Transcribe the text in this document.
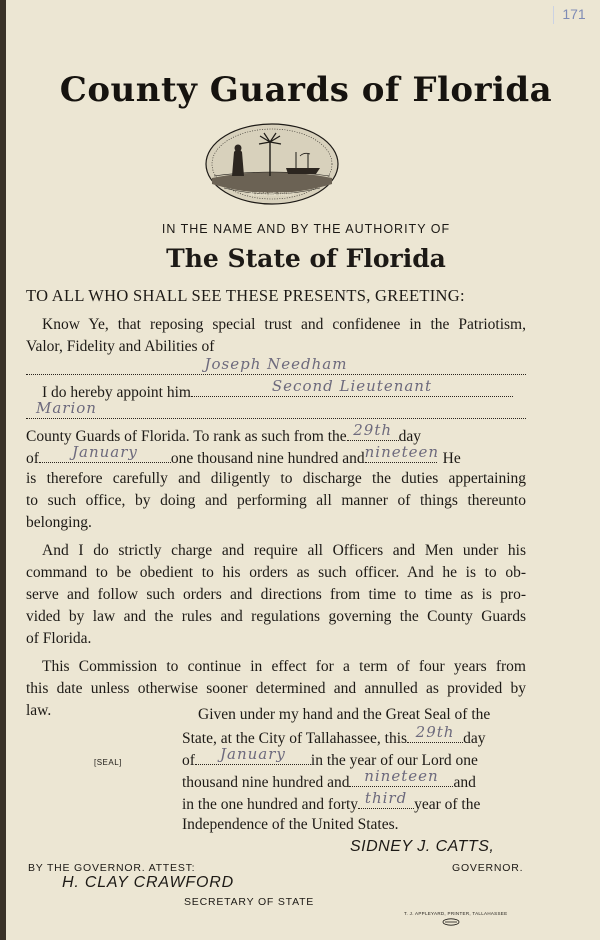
171
County Guards of Florida
IN GOD WE TRUST
IN THE NAME AND BY THE AUTHORITY OF
The State of Florida
TO ALL WHO SHALL SEE THESE PRESENTS, GREETING:
Know Ye, that reposing special trust and confidenee in the Patriotism,
Valor, Fidelity and Abilities of
Joseph Needham
I do hereby appoint him	Second Lieutenant
Marion
County Guards of Florida. To rank as such from the 29th day
of	January	one thousand nine hundred and nineteen He
is therefore carefully and diligently to discharge the duties appertaining
to such office, by doing and performing all manner of things thereunto
belonging.
And I do strictly charge and require all Officers and Men under his
command to be obedient to his orders as such officer. And he is to ob-
serve and follow such orders and directions from time to time as is pro-
vided by law and the rules and regulations governing the County Guards
of Florida.
This Commission to continue in effect for a term of four years from
this date unless otherwise sooner determined and annulled as provided by
law.	Given under my hand and the Great Seal of the
State, at the City of Tallahassee, this 29th day
of	January	in the year of our Lord one
thousand nine hundred and nineteen and
in the one hundred and forty third year of the
Independence of the United States.
[SEAL]
SIDNEY J. CATTS,
GOVERNOR.
BY THE GOVERNOR. ATTEST:
H. CLAY CRAWFORD
SECRETARY OF STATE
T. J. APPLEYARD, PRINTER, TALLAHASSEE
